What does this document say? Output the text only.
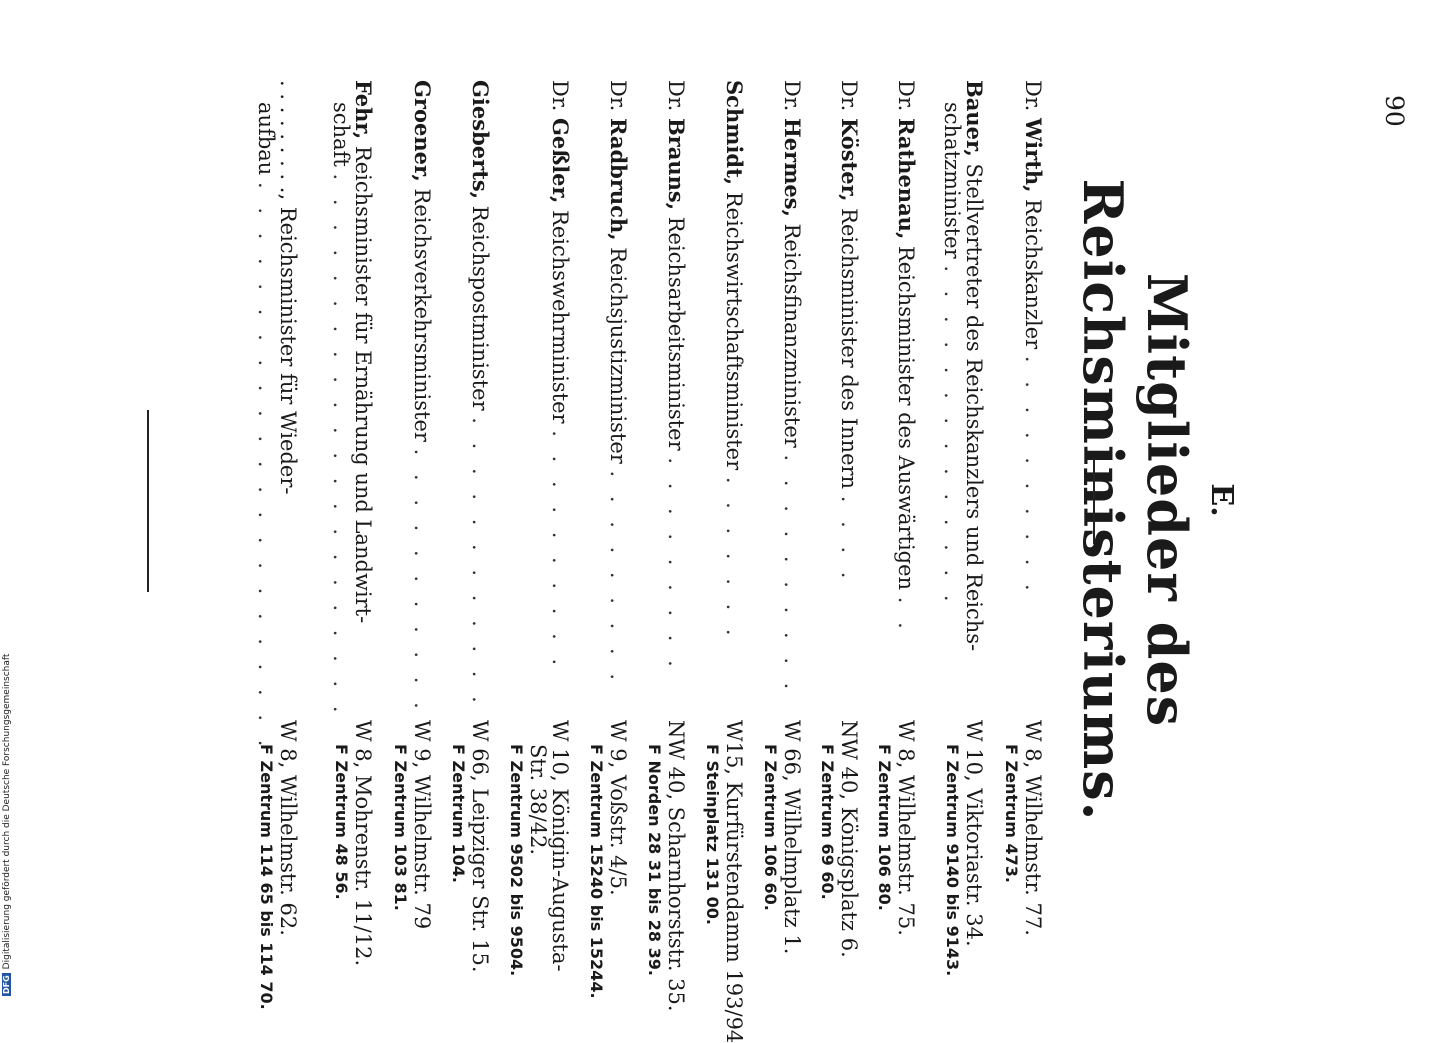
90
E.
Mitglieder des Reichsministeriums.
Dr. Wirth, Reichskanzler . . . . . . . . . .
W 8, Wilhelmstr. 77.
F Zentrum 473.
Bauer, Stellvertreter des Reichskanzlers und Reichs-
schatzminister . . . . . . . . . . . . . .
W 10, Viktoriastr. 34.
F Zentrum 9140 bis 9143.
Dr. Rathenau, Reichsminister des Auswärtigen . .
W 8, Wilhelmstr. 75.
F Zentrum 106 80.
Dr. Köster, Reichsminister des Innern . . . .
NW 40, Königsplatz 6.
F Zentrum 69 60.
Dr. Hermes, Reichsfinanzminister . . . . . . . . . .
W 66, Wilhelmplatz 1.
F Zentrum 106 60.
Schmidt, Reichswirtschaftsminister . . . . . . .
W15, Kurfürstendamm 193/94
F Steinplatz 131 00.
Dr. Brauns, Reichsarbeitsminister . . . . . . . . .
NW 40, Scharnhorststr. 35.
F Norden 28 31 bis 28 39.
Dr. Radbruch, Reichsjustizminister . . . . . . . . .
W 9, Voßstr. 4/5.
F Zentrum 15240 bis 15244.
Dr. Geßler, Reichswehrminister . . . . . . . . . .
W 10, Königin-Augusta-
Str. 38/42.
F Zentrum 9502 bis 9504.
Giesberts, Reichspostminister . . . . . . . . . . . .
W 66, Leipziger Str. 15.
F Zentrum 104.
Groener, Reichsverkehrsminister . . . . . . . . . . .
W 9, Wilhelmstr. 79
F Zentrum 103 81.
Fehr, Reichsminister für Ernährung und Landwirt-
schaft . . . . . . . . . . . . . . . . . . . . . .
W 8, Mohrenstr. 11/12.
F Zentrum 48 56.
. . . . . . . . ., Reichsminister für Wieder-
aufbau . . . . . . . . . . . . . . . . . . . . . . .
W 8, Wilhelmstr. 62.
F Zentrum 114 65 bis 114 70.
DFGDigitalisierung gefördert durch die Deutsche Forschungsgemeinschaft
